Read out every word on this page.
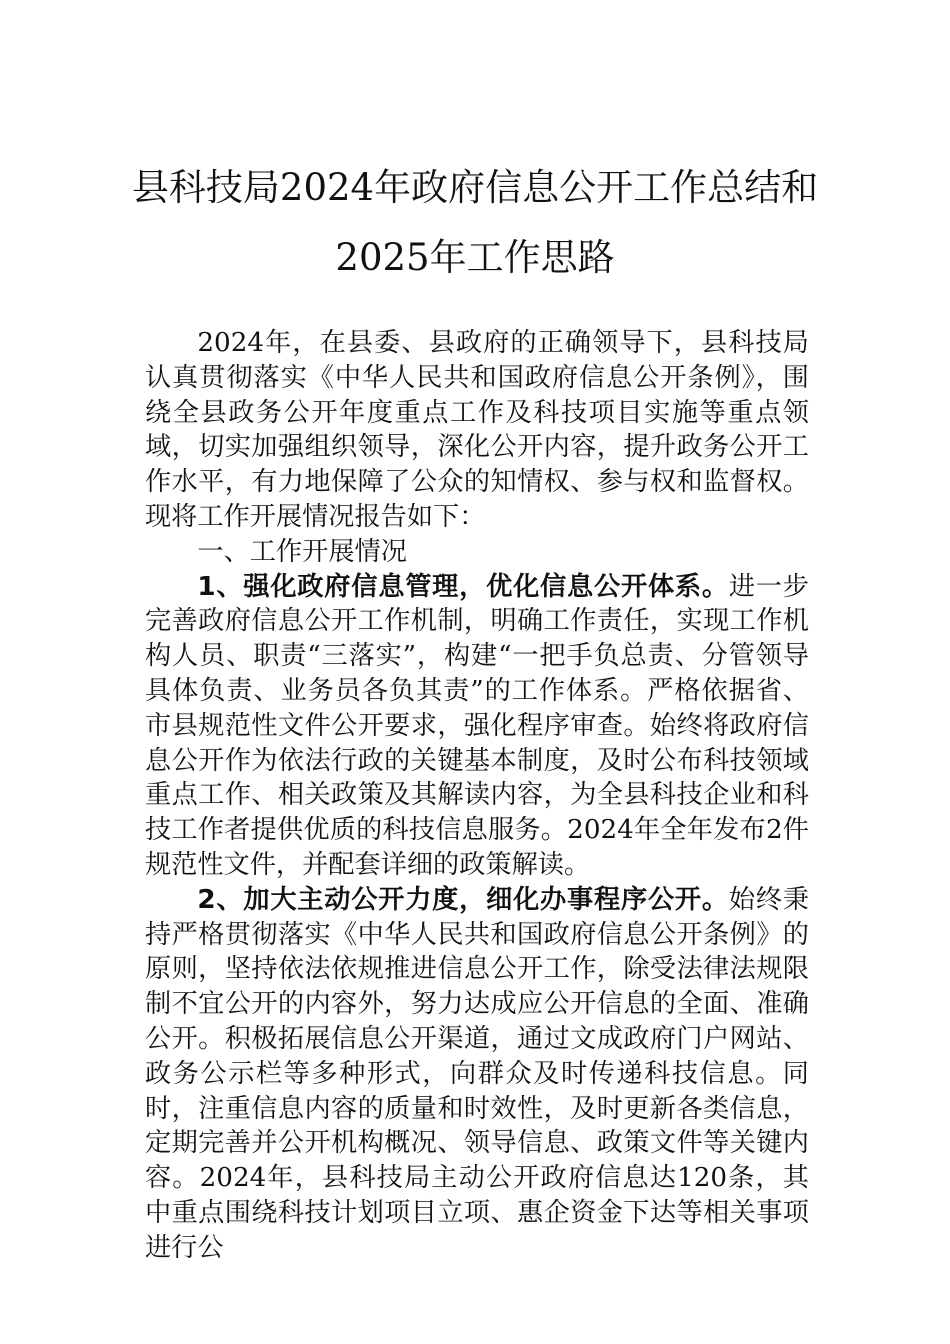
县科技局2024年政府信息公开工作总结和
2025年工作思路

2024年，在县委、县政府的正确领导下，县科技局认真贯彻落实《中华人民共和国政府信息公开条例》，围绕全县政务公开年度重点工作及科技项目实施等重点领域，切实加强组织领导，深化公开内容，提升政务公开工作水平，有力地保障了公众的知情权、参与权和监督权。现将工作开展情况报告如下：

一、工作开展情况

1、强化政府信息管理，优化信息公开体系。进一步完善政府信息公开工作机制，明确工作责任，实现工作机构人员、职责“三落实”，构建“一把手负总责、分管领导具体负责、业务员各负其责”的工作体系。严格依据省、市县规范性文件公开要求，强化程序审查。始终将政府信息公开作为依法行政的关键基本制度，及时公布科技领域重点工作、相关政策及其解读内容，为全县科技企业和科技工作者提供优质的科技信息服务。2024年全年发布2件规范性文件，并配套详细的政策解读。

2、加大主动公开力度，细化办事程序公开。始终秉持严格贯彻落实《中华人民共和国政府信息公开条例》的原则，坚持依法依规推进信息公开工作，除受法律法规限制不宜公开的内容外，努力达成应公开信息的全面、准确公开。积极拓展信息公开渠道，通过文成政府门户网站、政务公示栏等多种形式，向群众及时传递科技信息。同时，注重信息内容的质量和时效性，及时更新各类信息，定期完善并公开机构概况、领导信息、政策文件等关键内容。2024年，县科技局主动公开政府信息达120条，其中重点围绕科技计划项目立项、惠企资金下达等相关事项进行公
